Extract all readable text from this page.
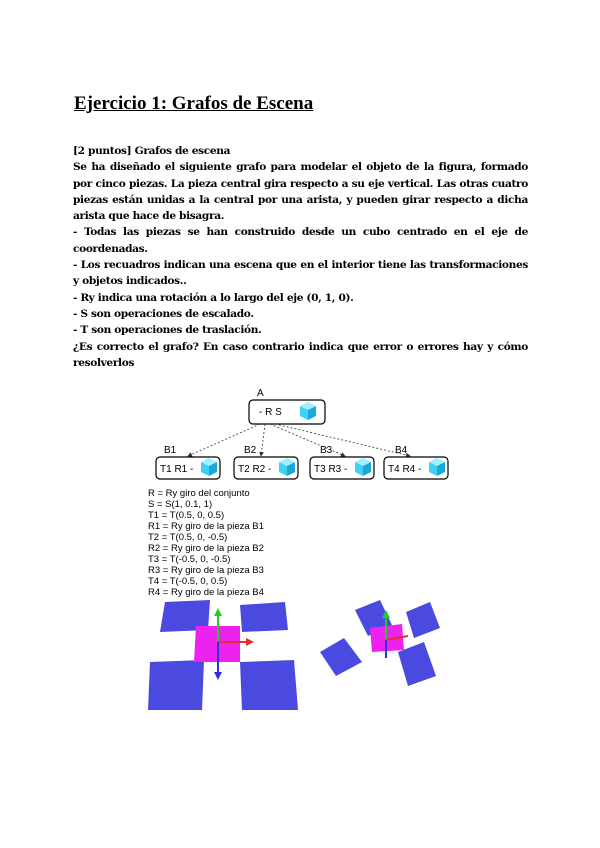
Ejercicio 1: Grafos de Escena

[2 puntos] Grafos de escena

Se ha diseñado el siguiente grafo para modelar el objeto de la figura, formado por cinco piezas. La pieza central gira respecto a su eje vertical. Las otras cuatro piezas están unidas a la central por una arista, y pueden girar respecto a dicha arista que hace de bisagra.

- Todas las piezas se han construido desde un cubo centrado en el eje de coordenadas.

- Los recuadros indican una escena que en el interior tiene las transformaciones y objetos indicados..

- Ry indica una rotación a lo largo del eje (0, 1, 0).

- S son operaciones de escalado.

- T son operaciones de traslación.

¿Es correcto el grafo? En caso contrario indica que error o errores hay y cómo resolverlos

A
- R S
B1
T1 R1 -
B2
T2 R2 -
B3
T3 R3 -
B4
T4 R4 -
R = Ry giro del conjunto
S = S(1, 0.1, 1)
T1 = T(0.5, 0, 0.5)
R1 = Ry giro de la pieza B1
T2 = T(0.5, 0, -0.5)
R2 = Ry giro de la pieza B2
T3 = T(-0.5, 0, -0.5)
R3 = Ry giro de la pieza B3
T4 = T(-0.5, 0, 0.5)
R4 = Ry giro de la pieza B4
